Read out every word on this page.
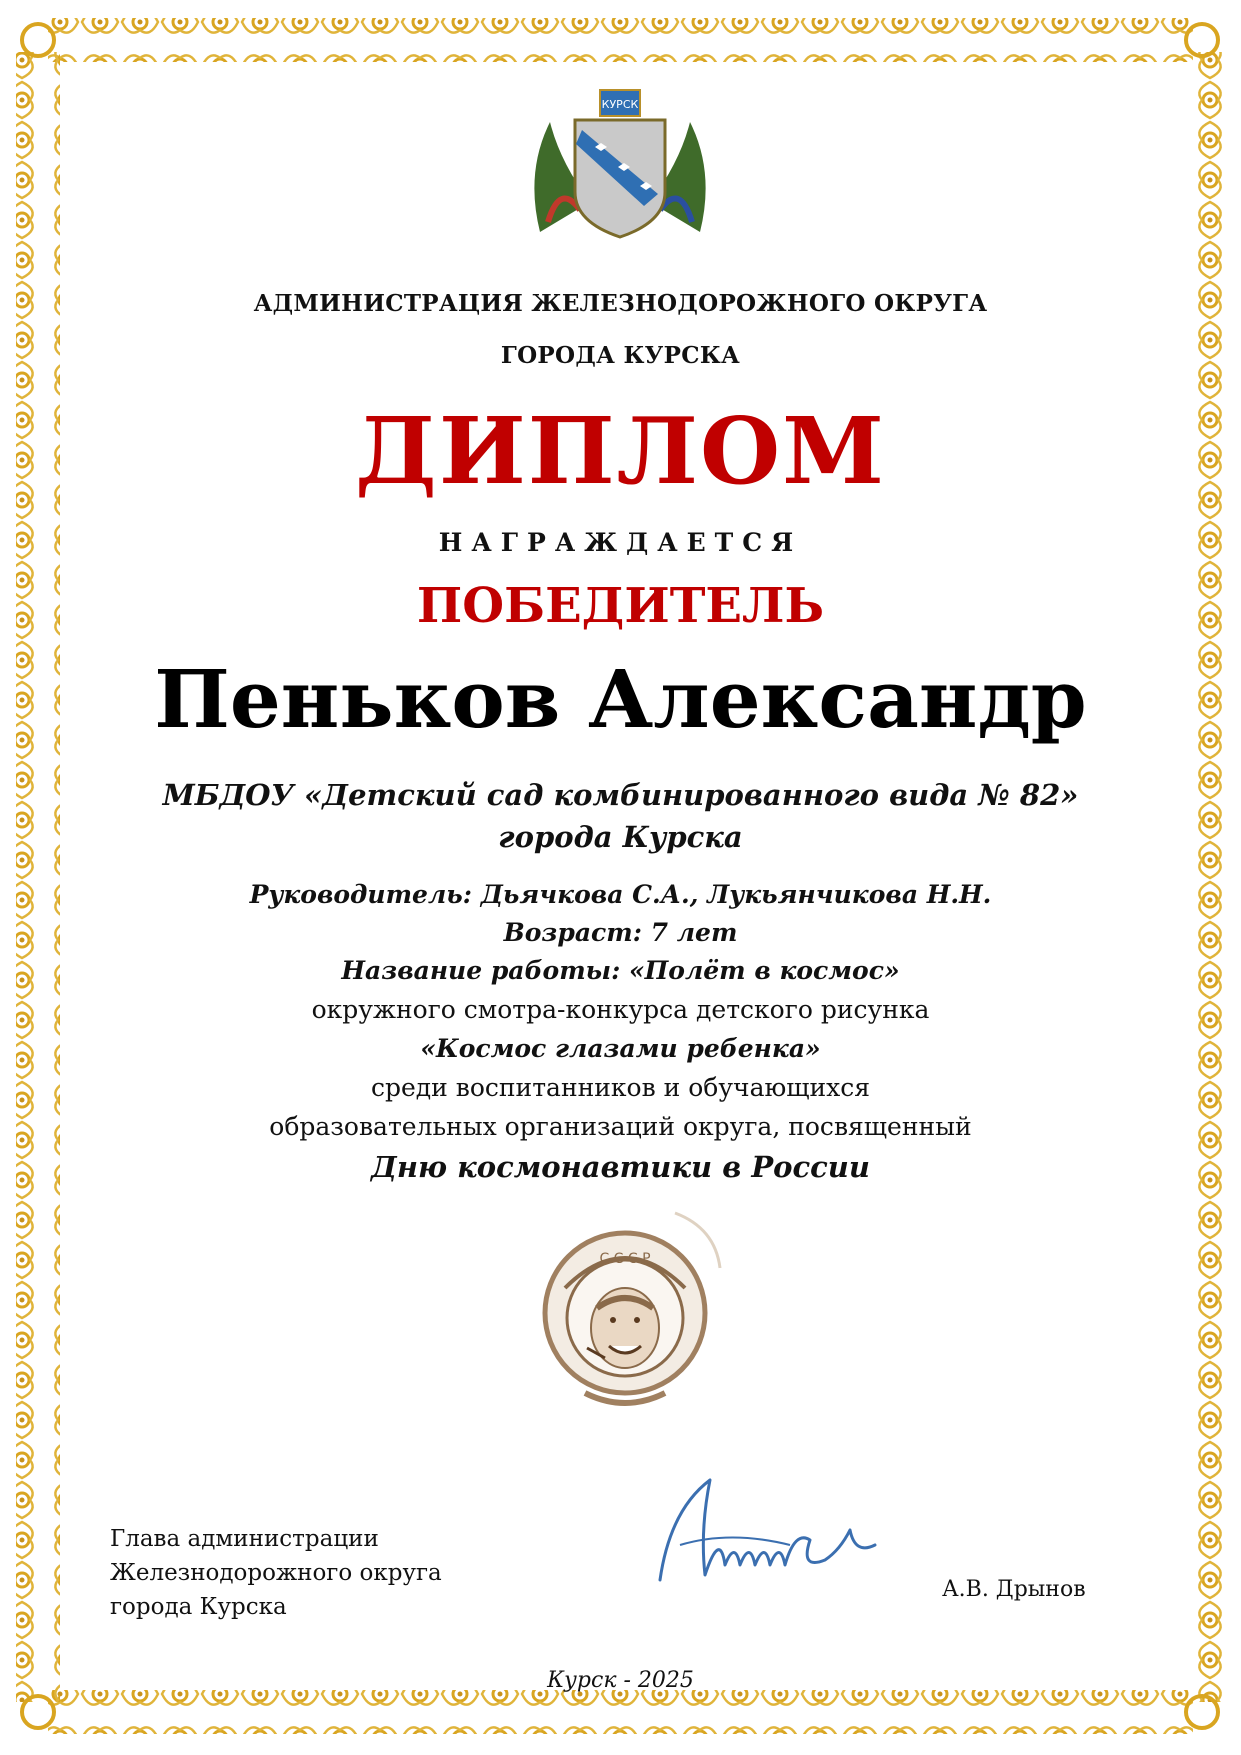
КУРСК
АДМИНИСТРАЦИЯ ЖЕЛЕЗНОДОРОЖНОГО ОКРУГА
ГОРОДА КУРСКА
ДИПЛОМ
НАГРАЖДАЕТСЯ
ПОБЕДИТЕЛЬ
Пеньков Александр
МБДОУ «Детский сад комбинированного вида № 82»
города Курска
Руководитель: Дьячкова С.А., Лукьянчикова Н.Н.
Возраст: 7 лет
Название работы: «Полёт в космос»
окружного смотра-конкурса детского рисунка
«Космос глазами ребенка»
среди воспитанников и обучающихся
образовательных организаций округа, посвященный
Дню космонавтики в России
С С С Р
Глава администрации
Железнодорожного округа
города Курска
А.В. Дрынов
Курск - 2025
